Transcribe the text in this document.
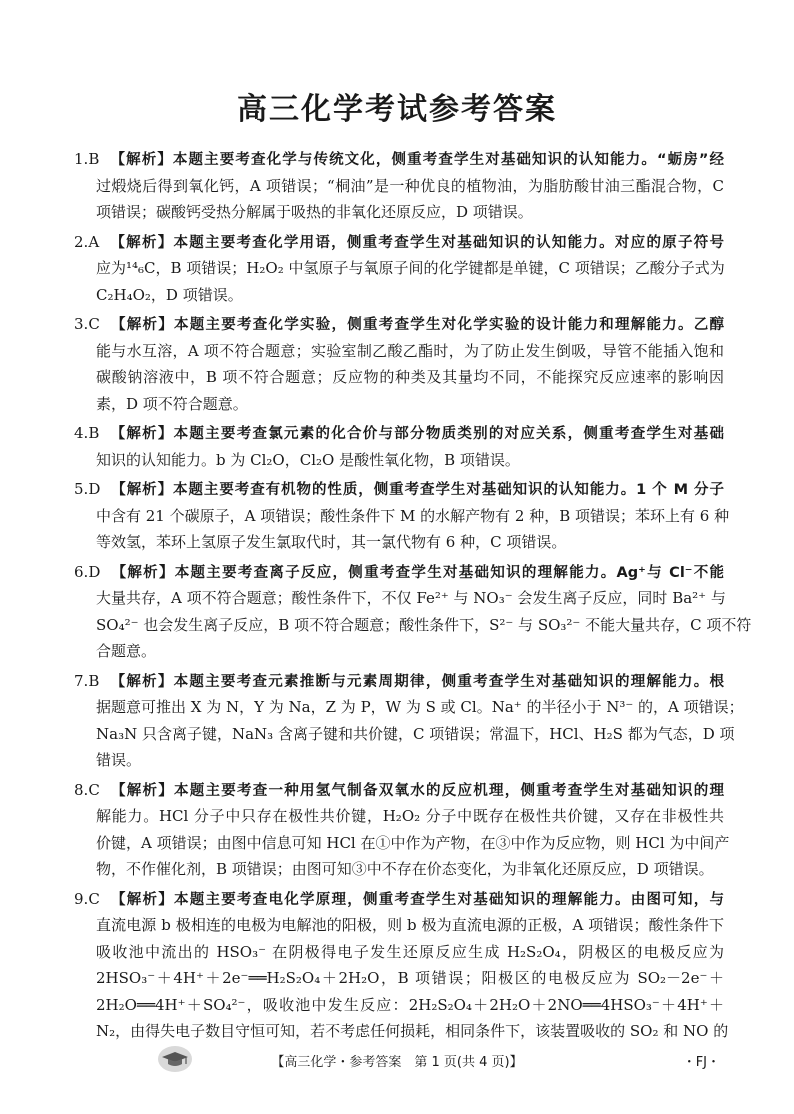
高三化学考试参考答案
1.B 【解析】本题主要考查化学与传统文化，侧重考查学生对基础知识的认知能力。“蛎房”经
过煅烧后得到氧化钙，A 项错误；“桐油”是一种优良的植物油，为脂肪酸甘油三酯混合物，C
项错误；碳酸钙受热分解属于吸热的非氧化还原反应，D 项错误。
2.A 【解析】本题主要考查化学用语，侧重考查学生对基础知识的认知能力。对应的原子符号
应为¹⁴₆C，B 项错误；H₂O₂ 中氢原子与氧原子间的化学键都是单键，C 项错误；乙酸分子式为
C₂H₄O₂，D 项错误。
3.C 【解析】本题主要考查化学实验，侧重考查学生对化学实验的设计能力和理解能力。乙醇
能与水互溶，A 项不符合题意；实验室制乙酸乙酯时，为了防止发生倒吸，导管不能插入饱和
碳酸钠溶液中，B 项不符合题意；反应物的种类及其量均不同，不能探究反应速率的影响因
素，D 项不符合题意。
4.B 【解析】本题主要考查氯元素的化合价与部分物质类别的对应关系，侧重考查学生对基础
知识的认知能力。b 为 Cl₂O，Cl₂O 是酸性氧化物，B 项错误。
5.D 【解析】本题主要考查有机物的性质，侧重考查学生对基础知识的认知能力。1 个 M 分子
中含有 21 个碳原子，A 项错误；酸性条件下 M 的水解产物有 2 种，B 项错误；苯环上有 6 种
等效氢，苯环上氢原子发生氯取代时，其一氯代物有 6 种，C 项错误。
6.D 【解析】本题主要考查离子反应，侧重考查学生对基础知识的理解能力。Ag⁺与 Cl⁻不能
大量共存，A 项不符合题意；酸性条件下，不仅 Fe²⁺ 与 NO₃⁻ 会发生离子反应，同时 Ba²⁺ 与
SO₄²⁻ 也会发生离子反应，B 项不符合题意；酸性条件下，S²⁻ 与 SO₃²⁻ 不能大量共存，C 项不符
合题意。
7.B 【解析】本题主要考查元素推断与元素周期律，侧重考查学生对基础知识的理解能力。根
据题意可推出 X 为 N，Y 为 Na，Z 为 P，W 为 S 或 Cl。Na⁺ 的半径小于 N³⁻ 的，A 项错误；
Na₃N 只含离子键，NaN₃ 含离子键和共价键，C 项错误；常温下，HCl、H₂S 都为气态，D 项
错误。
8.C 【解析】本题主要考查一种用氢气制备双氧水的反应机理，侧重考查学生对基础知识的理
解能力。HCl 分子中只存在极性共价键，H₂O₂ 分子中既存在极性共价键，又存在非极性共
价键，A 项错误；由图中信息可知 HCl 在①中作为产物，在③中作为反应物，则 HCl 为中间产
物，不作催化剂，B 项错误；由图可知③中不存在价态变化，为非氧化还原反应，D 项错误。
9.C 【解析】本题主要考查电化学原理，侧重考查学生对基础知识的理解能力。由图可知，与
直流电源 b 极相连的电极为电解池的阳极，则 b 极为直流电源的正极，A 项错误；酸性条件下
吸收池中流出的 HSO₃⁻ 在阴极得电子发生还原反应生成 H₂S₂O₄，阴极区的电极反应为
2HSO₃⁻＋4H⁺＋2e⁻══H₂S₂O₄＋2H₂O，B 项错误；阳极区的电极反应为 SO₂－2e⁻＋
2H₂O══4H⁺＋SO₄²⁻，吸收池中发生反应：2H₂S₂O₄＋2H₂O＋2NO══4HSO₃⁻＋4H⁺＋
N₂，由得失电子数目守恒可知，若不考虑任何损耗，相同条件下，该装置吸收的 SO₂ 和 NO 的
【高三化学・参考答案　第 1 页(共 4 页)】	・FJ・
